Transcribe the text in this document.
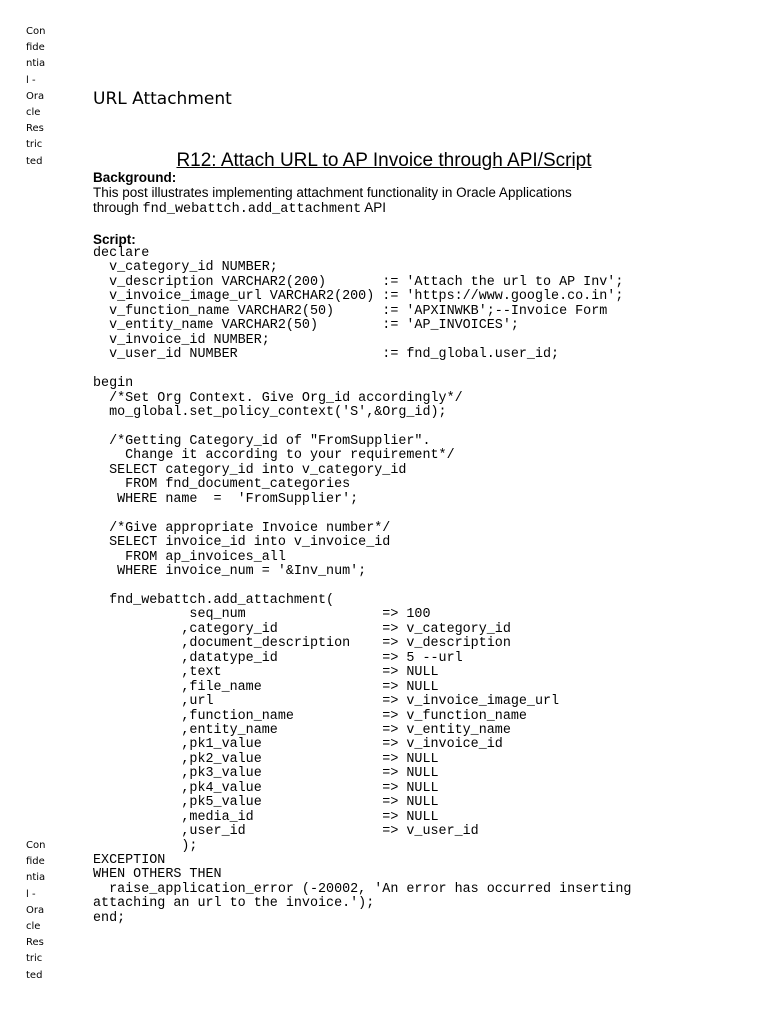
Confidential - Oracle Restricted
URL Attachment
R12: Attach URL to AP Invoice through API/Script
Background:
This post illustrates implementing attachment functionality in Oracle Applications through fnd_webattch.add_attachment API
Script:
declare
v_category_id NUMBER;
v_description VARCHAR2(200)       := 'Attach the url to AP Inv';
v_invoice_image_url VARCHAR2(200) := 'https://www.google.co.in';
v_function_name VARCHAR2(50)      := 'APXINWKB';--Invoice Form
v_entity_name VARCHAR2(50)        := 'AP_INVOICES';
v_invoice_id NUMBER;
v_user_id NUMBER                  := fnd_global.user_id;

begin
/*Set Org Context. Give Org_id accordingly*/
mo_global.set_policy_context('S',&Org_id);

/*Getting Category_id of "FromSupplier".
Change it according to your requirement*/
SELECT category_id into v_category_id
FROM fnd_document_categories
WHERE name  =  'FromSupplier';

/*Give appropriate Invoice number*/
SELECT invoice_id into v_invoice_id
FROM ap_invoices_all
WHERE invoice_num = '&Inv_num';

fnd_webattch.add_attachment(
seq_num                 => 100
,category_id             => v_category_id
,document_description    => v_description
,datatype_id             => 5 --url
,text                    => NULL
,file_name               => NULL
,url                     => v_invoice_image_url
,function_name           => v_function_name
,entity_name             => v_entity_name
,pk1_value               => v_invoice_id
,pk2_value               => NULL
,pk3_value               => NULL
,pk4_value               => NULL
,pk5_value               => NULL
,media_id                => NULL
,user_id                 => v_user_id
);
EXCEPTION
WHEN OTHERS THEN
raise_application_error (-20002, 'An error has occurred inserting
attaching an url to the invoice.');
end;
Confidential - Oracle Restricted
